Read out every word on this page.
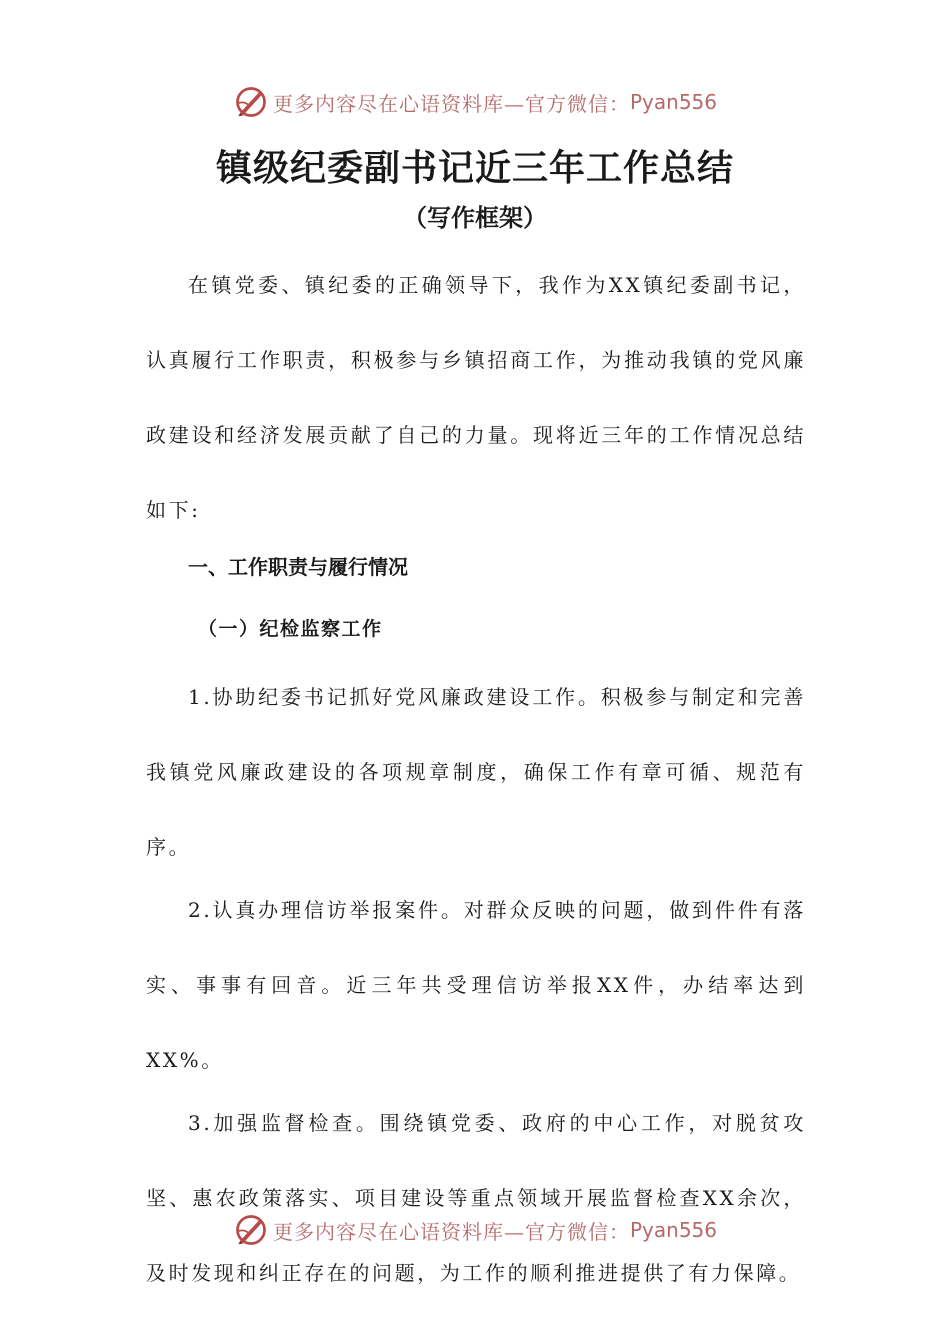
更多内容尽在心语资料库—官方微信： Pyan556
镇级纪委副书记近三年工作总结
（写作框架）

在镇党委、镇纪委的正确领导下，我作为XX镇纪委副书记，认真履行工作职责，积极参与乡镇招商工作，为推动我镇的党风廉政建设和经济发展贡献了自己的力量。现将近三年的工作情况总结如下:

一、工作职责与履行情况
（一）纪检监察工作

1.协助纪委书记抓好党风廉政建设工作。积极参与制定和完善我镇党风廉政建设的各项规章制度，确保工作有章可循、规范有序。

2.认真办理信访举报案件。对群众反映的问题，做到件件有落实、事事有回音。近三年共受理信访举报XX件，办结率达到XX%。

3.加强监督检查。围绕镇党委、政府的中心工作，对脱贫攻坚、惠农政策落实、项目建设等重点领域开展监督检查XX余次，及时发现和纠正存在的问题，为工作的顺利推进提供了有力保障。

更多内容尽在心语资料库—官方微信： Pyan556
